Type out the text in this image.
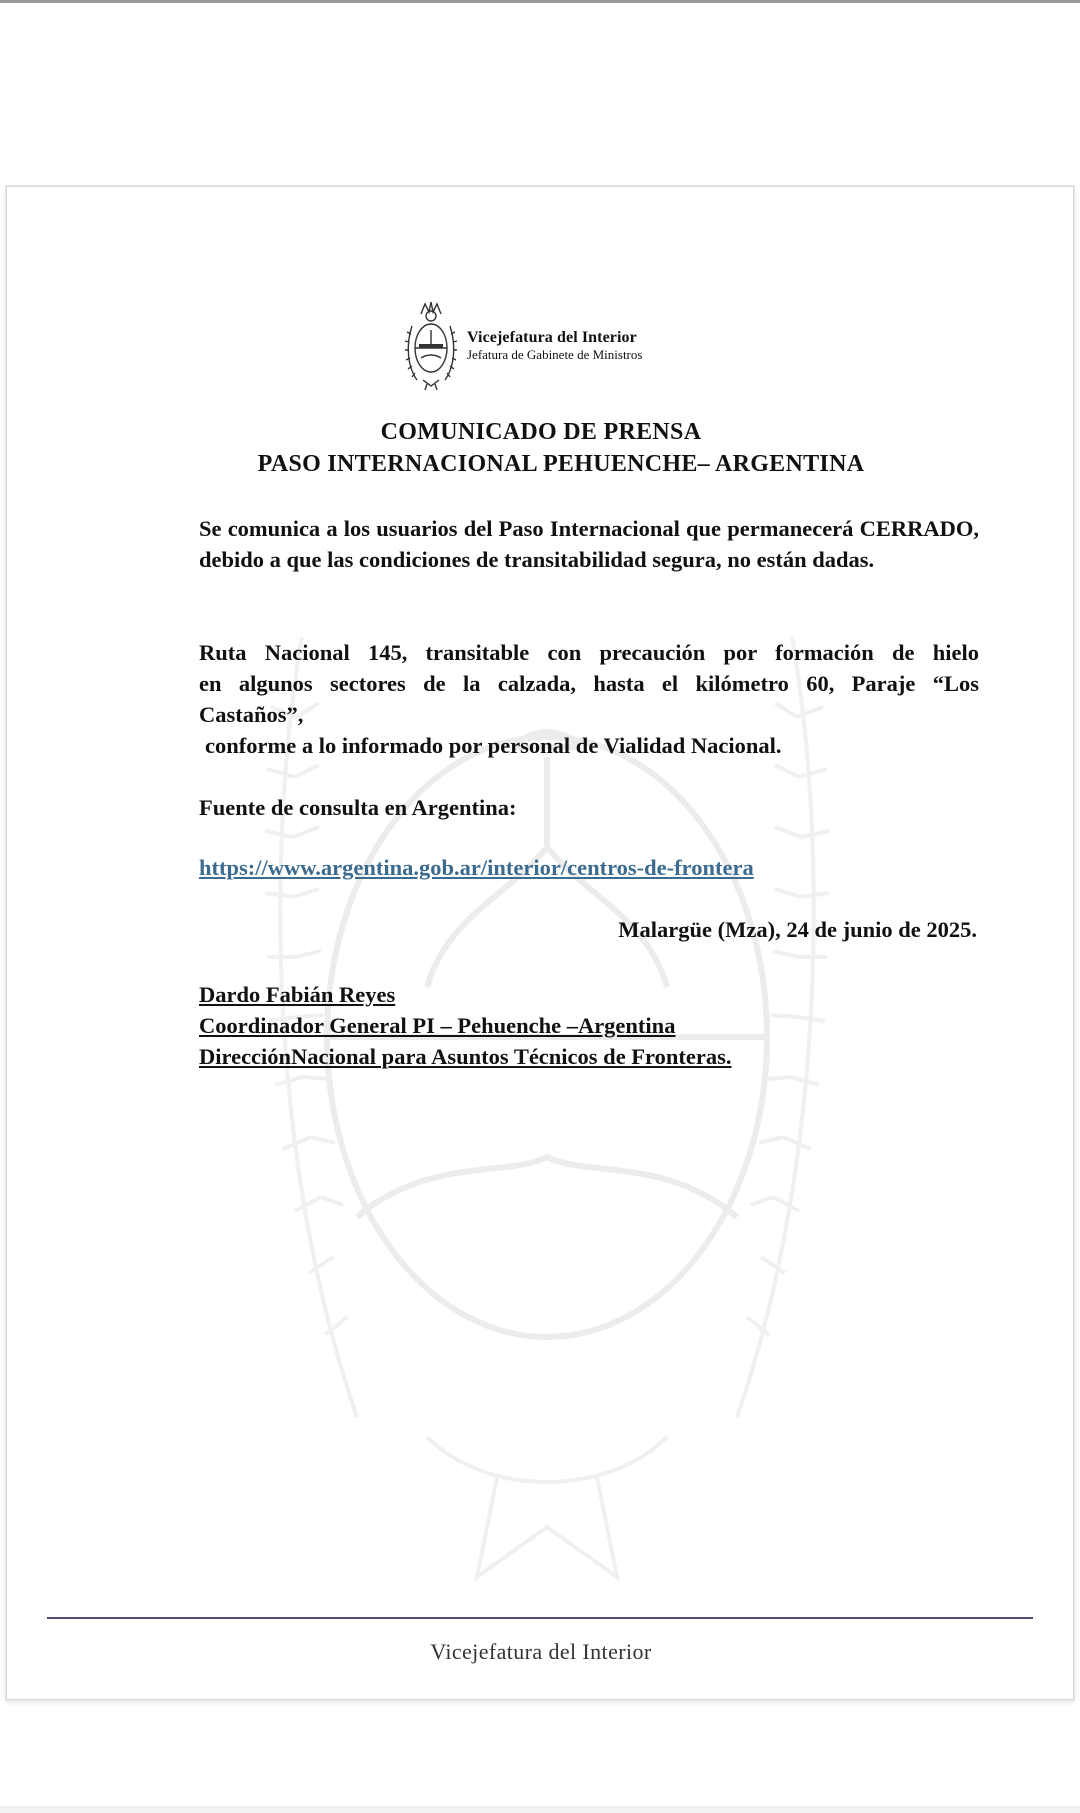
Vicejefatura del Interior
Jefatura de Gabinete de Ministros
COMUNICADO DE PRENSA
PASO INTERNACIONAL PEHUENCHE– ARGENTINA
Se comunica a los usuarios del Paso Internacional que permanecerá CERRADO, debido a que las condiciones de transitabilidad segura, no están dadas.
Ruta Nacional 145, transitable con precaución por formación de hielo
en algunos sectores de la calzada, hasta el kilómetro 60, Paraje “Los
Castaños”,
conforme a lo informado por personal de Vialidad Nacional.
Fuente de consulta en Argentina:
https://www.argentina.gob.ar/interior/centros-de-frontera
Malargüe (Mza), 24 de junio de 2025.
Dardo Fabián Reyes
Coordinador General PI – Pehuenche –Argentina
DirecciónNacional para Asuntos Técnicos de Fronteras.
Vicejefatura del Interior
